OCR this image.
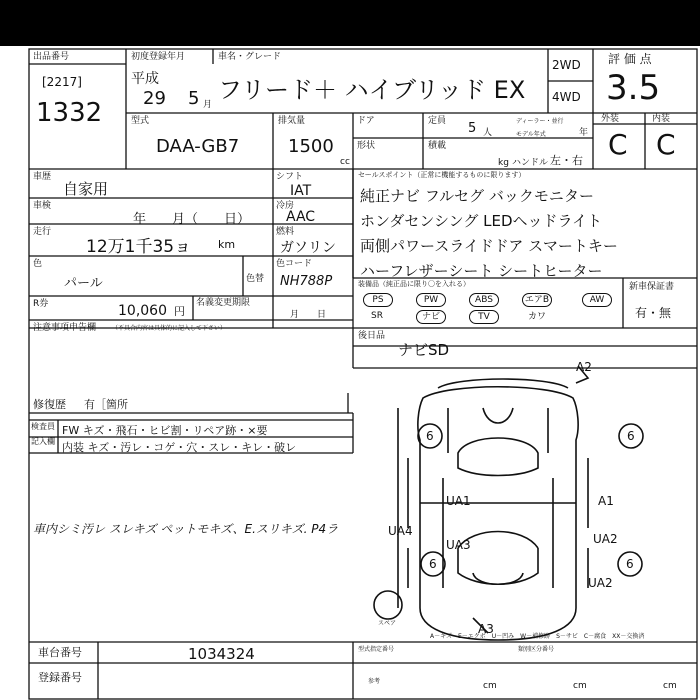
出品番号
[2217]
1332
初度登録年月
平成
29 5 月
車名・グレード
フリード＋ ハイブリッド EX
2WD
4WD
評 価 点
3.5
型式
DAA-GB7
排気量
1500
cc
ドア	定員 5 人
ディーラー・並行
モデル年式	年
形状	積載
kg ハンドル 左・右
外装	内装
C C
車歴
自家用
車検
年　　月（　　日）
走行
12万1千35ョ km
色
パール	色替
R券	10,060 円
名義変更期限
月　　日
注意事項申告欄	（不具合内容は具体的に記入して下さい）
修復歴 有［箇所
シフト
IAT
冷房
AAC
燃料
ガソリン
色コード
NH788P
セールスポイント（正常に機能するものに限ります）
純正ナビ フルセグ バックモニター
ホンダセンシング LEDヘッドライト
両側パワースライドドア スマートキー
ハーフレザーシート シートヒーター
装備品（純正品に限り〇を入れる）
PS	PW	ABS	エアB	AW
SR	ナビ	TV	カワ
新車保証書
有・無
後日品
ナビSD
検査員
記入欄
FW キズ・飛石・ヒビ割・リペア跡・×要
内装 キズ・汚レ・コゲ・穴・スレ・キレ・破レ
車内シミ汚レ スレキズ ペットモキズ、E.スリキズ. P4ラ
A2
6	6
UA1	A1
UA4
UA3	UA2
6	6
UA2
A3
スペア
A－キズ　E－エクボ　U－凹み　W－補修跡　S－サビ　C－腐食　XX－交換済
車台番号	1034324
登録番号
型式指定番号	類別区分番号
参考	cm	cm	cm
